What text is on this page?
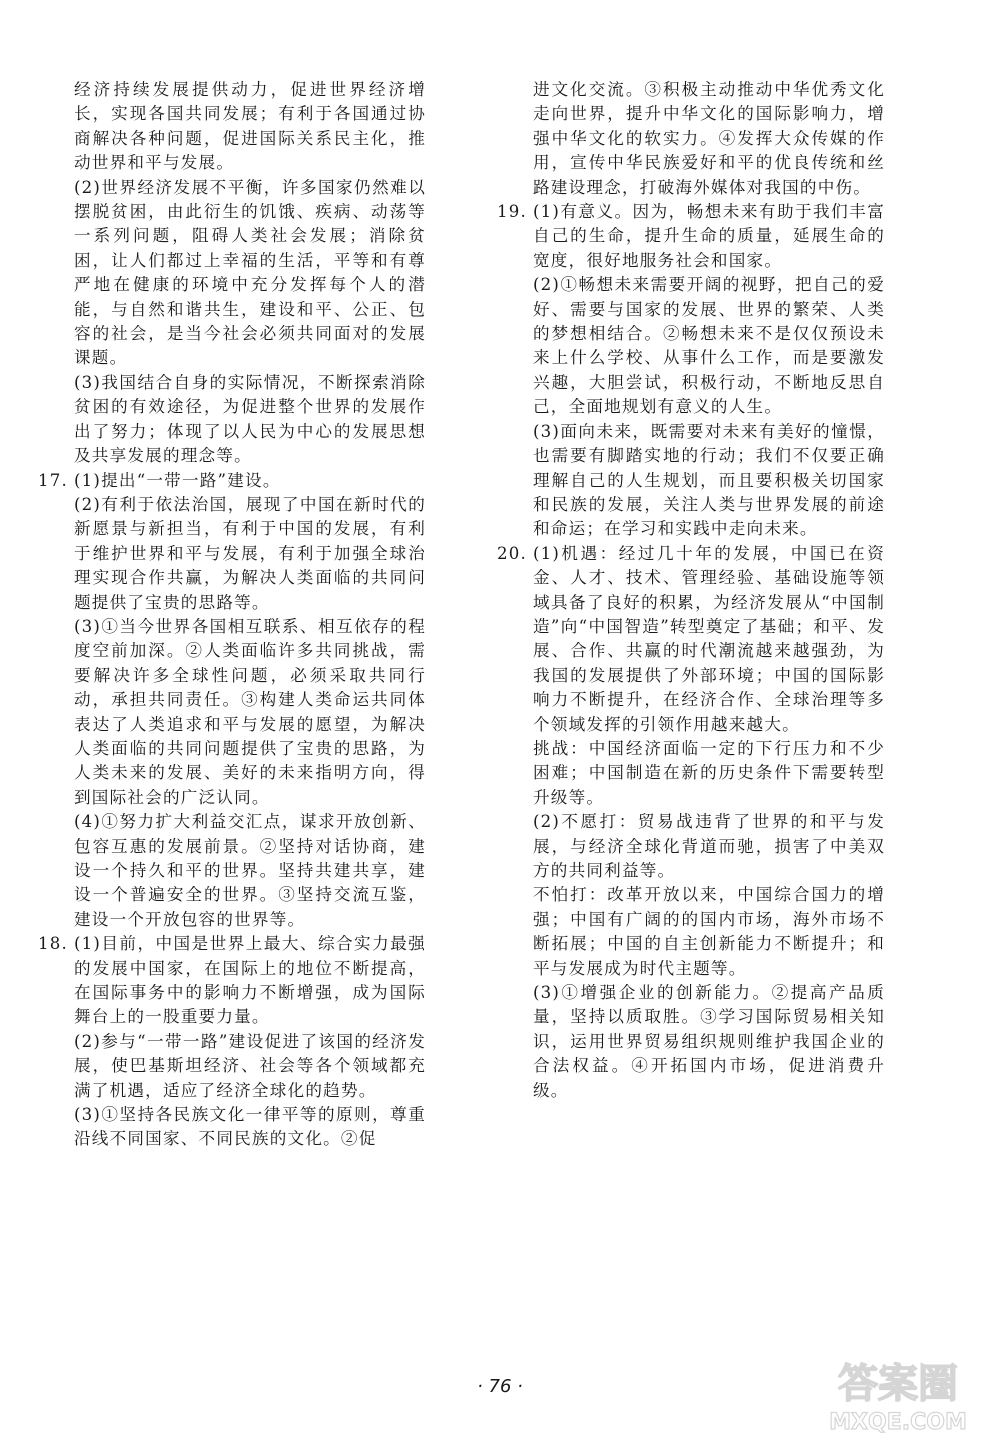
经济持续发展提供动力，促进世界经济增长，实现各国共同发展；有利于各国通过协商解决各种问题，促进国际关系民主化，推动世界和平与发展。

(2)世界经济发展不平衡，许多国家仍然难以摆脱贫困，由此衍生的饥饿、疾病、动荡等一系列问题，阻碍人类社会发展；消除贫困，让人们都过上幸福的生活，平等和有尊严地在健康的环境中充分发挥每个人的潜能，与自然和谐共生，建设和平、公正、包容的社会，是当今社会必须共同面对的发展课题。

(3)我国结合自身的实际情况，不断探索消除贫困的有效途径，为促进整个世界的发展作出了努力；体现了以人民为中心的发展思想及共享发展的理念等。

17. (1)提出“一带一路”建设。

(2)有利于依法治国，展现了中国在新时代的新愿景与新担当，有利于中国的发展，有利于维护世界和平与发展，有利于加强全球治理实现合作共赢，为解决人类面临的共同问题提供了宝贵的思路等。

(3)①当今世界各国相互联系、相互依存的程度空前加深。②人类面临许多共同挑战，需要解决许多全球性问题，必须采取共同行动，承担共同责任。③构建人类命运共同体表达了人类追求和平与发展的愿望，为解决人类面临的共同问题提供了宝贵的思路，为人类未来的发展、美好的未来指明方向，得到国际社会的广泛认同。

(4)①努力扩大利益交汇点，谋求开放创新、包容互惠的发展前景。②坚持对话协商，建设一个持久和平的世界。坚持共建共享，建设一个普遍安全的世界。③坚持交流互鉴，建设一个开放包容的世界等。

18. (1)目前，中国是世界上最大、综合实力最强的发展中国家，在国际上的地位不断提高，在国际事务中的影响力不断增强，成为国际舞台上的一股重要力量。

(2)参与“一带一路”建设促进了该国的经济发展，使巴基斯坦经济、社会等各个领域都充满了机遇，适应了经济全球化的趋势。

(3)①坚持各民族文化一律平等的原则，尊重沿线不同国家、不同民族的文化。②促

进文化交流。③积极主动推动中华优秀文化走向世界，提升中华文化的国际影响力，增强中华文化的软实力。④发挥大众传媒的作用，宣传中华民族爱好和平的优良传统和丝路建设理念，打破海外媒体对我国的中伤。

19. (1)有意义。因为，畅想未来有助于我们丰富自己的生命，提升生命的质量，延展生命的宽度，很好地服务社会和国家。

(2)①畅想未来需要开阔的视野，把自己的爱好、需要与国家的发展、世界的繁荣、人类的梦想相结合。②畅想未来不是仅仅预设未来上什么学校、从事什么工作，而是要激发兴趣，大胆尝试，积极行动，不断地反思自己，全面地规划有意义的人生。

(3)面向未来，既需要对未来有美好的憧憬，也需要有脚踏实地的行动；我们不仅要正确理解自己的人生规划，而且要积极关切国家和民族的发展，关注人类与世界发展的前途和命运；在学习和实践中走向未来。

20. (1)机遇：经过几十年的发展，中国已在资金、人才、技术、管理经验、基础设施等领域具备了良好的积累，为经济发展从“中国制造”向“中国智造”转型奠定了基础；和平、发展、合作、共赢的时代潮流越来越强劲，为我国的发展提供了外部环境；中国的国际影响力不断提升，在经济合作、全球治理等多个领域发挥的引领作用越来越大。

挑战：中国经济面临一定的下行压力和不少困难；中国制造在新的历史条件下需要转型升级等。

(2)不愿打：贸易战违背了世界的和平与发展，与经济全球化背道而驰，损害了中美双方的共同利益等。

不怕打：改革开放以来，中国综合国力的增强；中国有广阔的的国内市场，海外市场不断拓展；中国的自主创新能力不断提升；和平与发展成为时代主题等。

(3)①增强企业的创新能力。②提高产品质量，坚持以质取胜。③学习国际贸易相关知识，运用世界贸易组织规则维护我国企业的合法权益。④开拓国内市场，促进消费升级。

· 76 ·	答案圈
MXQE.COM
